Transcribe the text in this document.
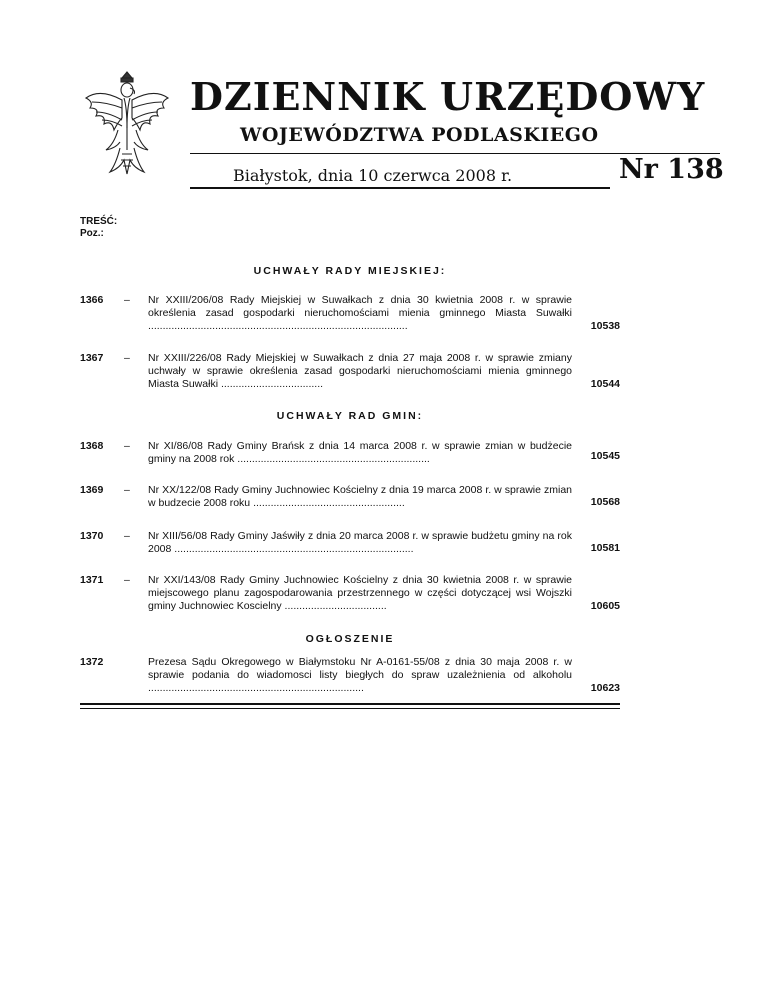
DZIENNIK URZĘDOWY
WOJEWÓDZTWA PODLASKIEGO
Białystok, dnia 10 czerwca 2008 r.	Nr 138
TREŚĆ:
Poz.:
UCHWAŁY RADY MIEJSKIEJ:
1366 – Nr XXIII/206/08 Rady Miejskiej w Suwałkach z dnia 30 kwietnia 2008 r. w sprawie określenia zasad gospodarki nieruchomościami mienia gminnego Miasta Suwałki .........................................................................................	10538
1367 – Nr XXIII/226/08 Rady Miejskiej w Suwałkach z dnia 27 maja 2008 r. w sprawie zmiany uchwały w sprawie określenia zasad gospodarki nieruchomościami mienia gminnego Miasta Suwałki ...................................	10544
UCHWAŁY RAD GMIN:
1368 – Nr XI/86/08 Rady Gminy Brańsk z dnia 14 marca 2008 r. w sprawie zmian w budżecie gminy na 2008 rok ..................................................................	10545
1369 – Nr XX/122/08 Rady Gminy Juchnowiec Kościelny z dnia 19 marca 2008 r. w sprawie zmian w budzecie 2008 roku ....................................................	10568
1370 – Nr XIII/56/08 Rady Gminy Jaświły z dnia 20 marca 2008 r. w sprawie budżetu gminy na rok 2008 ..................................................................................	10581
1371 – Nr XXI/143/08 Rady Gminy Juchnowiec Kościelny z dnia 30 kwietnia 2008 r. w sprawie miejscowego planu zagospodarowania przestrzennego w części dotyczącej wsi Wojszki gminy Juchnowiec Koscielny ...................................	10605
OGŁOSZENIE
1372	Prezesa Sądu Okregowego w Białymstoku Nr A-0161-55/08 z dnia 30 maja 2008 r. w sprawie podania do wiadomosci listy biegłych do spraw uzależnienia od alkoholu ..........................................................................	10623
